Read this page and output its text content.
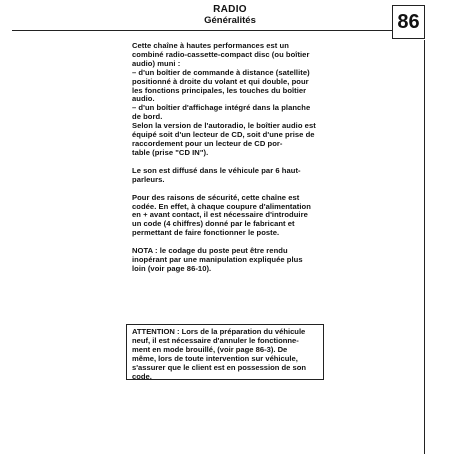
RADIO
Généralités	86

Cette chaîne à hautes performances est un
combiné radio-cassette-compact disc (ou boîtier
audio) muni :

– d'un boîtier de commande à distance (satellite)
positionné à droite du volant et qui double, pour
les fonctions principales, les touches du boîtier
audio.

– d'un boîtier d'affichage intégré dans la planche
de bord.

Selon la version de l'autoradio, le boîtier audio est
équipé soit d'un lecteur de CD, soit d'une prise de
raccordement pour un lecteur de CD por-
table (prise "CD IN").

Le son est diffusé dans le véhicule par 6 haut-
parleurs.

Pour des raisons de sécurité, cette chaîne est
codée. En effet, à chaque coupure d'alimentation
en + avant contact, il est nécessaire d'introduire
un code (4 chiffres) donné par le fabricant et
permettant de faire fonctionner le poste.

NOTA : le codage du poste peut être rendu
inopérant par une manipulation expliquée plus
loin (voir page 86-10).

ATTENTION : Lors de la préparation du véhicule
neuf, il est nécessaire d'annuler le fonctionne-
ment en mode brouillé, (voir page 86-3). De
même, lors de toute intervention sur véhicule,
s'assurer que le client est en possession de son
code.
